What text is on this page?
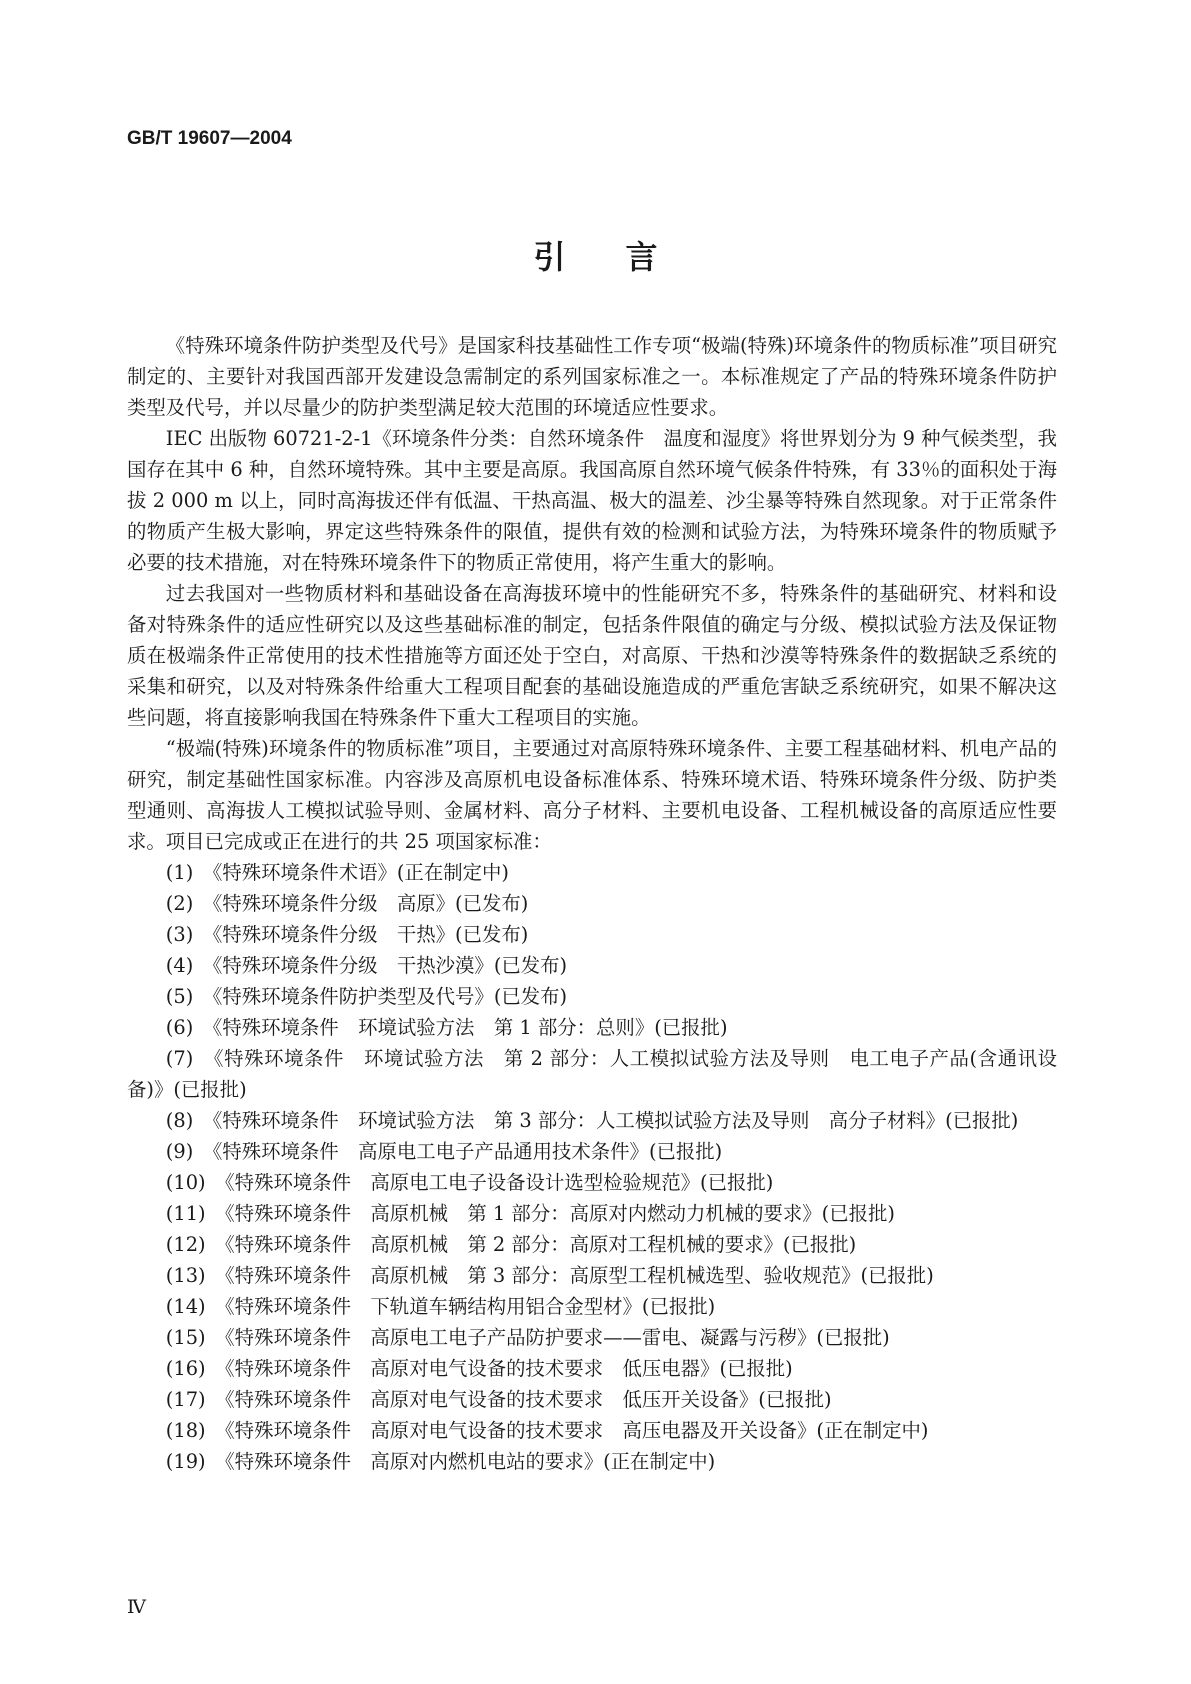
GB/T 19607—2004
引言

《特殊环境条件防护类型及代号》是国家科技基础性工作专项“极端(特殊)环境条件的物质标准”项目研究制定的、主要针对我国西部开发建设急需制定的系列国家标准之一。本标准规定了产品的特殊环境条件防护类型及代号，并以尽量少的防护类型满足较大范围的环境适应性要求。

IEC 出版物 60721-2-1《环境条件分类：自然环境条件　温度和湿度》将世界划分为 9 种气候类型，我国存在其中 6 种，自然环境特殊。其中主要是高原。我国高原自然环境气候条件特殊，有 33％的面积处于海拔 2 000 m 以上，同时高海拔还伴有低温、干热高温、极大的温差、沙尘暴等特殊自然现象。对于正常条件的物质产生极大影响，界定这些特殊条件的限值，提供有效的检测和试验方法，为特殊环境条件的物质赋予必要的技术措施，对在特殊环境条件下的物质正常使用，将产生重大的影响。

过去我国对一些物质材料和基础设备在高海拔环境中的性能研究不多，特殊条件的基础研究、材料和设备对特殊条件的适应性研究以及这些基础标准的制定，包括条件限值的确定与分级、模拟试验方法及保证物质在极端条件正常使用的技术性措施等方面还处于空白，对高原、干热和沙漠等特殊条件的数据缺乏系统的采集和研究，以及对特殊条件给重大工程项目配套的基础设施造成的严重危害缺乏系统研究，如果不解决这些问题，将直接影响我国在特殊条件下重大工程项目的实施。

“极端(特殊)环境条件的物质标准”项目，主要通过对高原特殊环境条件、主要工程基础材料、机电产品的研究，制定基础性国家标准。内容涉及高原机电设备标准体系、特殊环境术语、特殊环境条件分级、防护类型通则、高海拔人工模拟试验导则、金属材料、高分子材料、主要机电设备、工程机械设备的高原适应性要求。项目已完成或正在进行的共 25 项国家标准：

(1)　《特殊环境条件术语》(正在制定中)
(2)　《特殊环境条件分级　高原》(已发布)
(3)　《特殊环境条件分级　干热》(已发布)
(4)　《特殊环境条件分级　干热沙漠》(已发布)
(5)　《特殊环境条件防护类型及代号》(已发布)
(6)　《特殊环境条件　环境试验方法　第 1 部分：总则》(已报批)
(7)　《特殊环境条件　环境试验方法　第 2 部分：人工模拟试验方法及导则　电工电子产品(含通讯设备)》(已报批)
(8)　《特殊环境条件　环境试验方法　第 3 部分：人工模拟试验方法及导则　高分子材料》(已报批)
(9)　《特殊环境条件　高原电工电子产品通用技术条件》(已报批)
(10)　《特殊环境条件　高原电工电子设备设计选型检验规范》(已报批)
(11)　《特殊环境条件　高原机械　第 1 部分：高原对内燃动力机械的要求》(已报批)
(12)　《特殊环境条件　高原机械　第 2 部分：高原对工程机械的要求》(已报批)
(13)　《特殊环境条件　高原机械　第 3 部分：高原型工程机械选型、验收规范》(已报批)
(14)　《特殊环境条件　下轨道车辆结构用铝合金型材》(已报批)
(15)　《特殊环境条件　高原电工电子产品防护要求——雷电、凝露与污秽》(已报批)
(16)　《特殊环境条件　高原对电气设备的技术要求　低压电器》(已报批)
(17)　《特殊环境条件　高原对电气设备的技术要求　低压开关设备》(已报批)
(18)　《特殊环境条件　高原对电气设备的技术要求　高压电器及开关设备》(正在制定中)
(19)　《特殊环境条件　高原对内燃机电站的要求》(正在制定中)
Ⅳ
